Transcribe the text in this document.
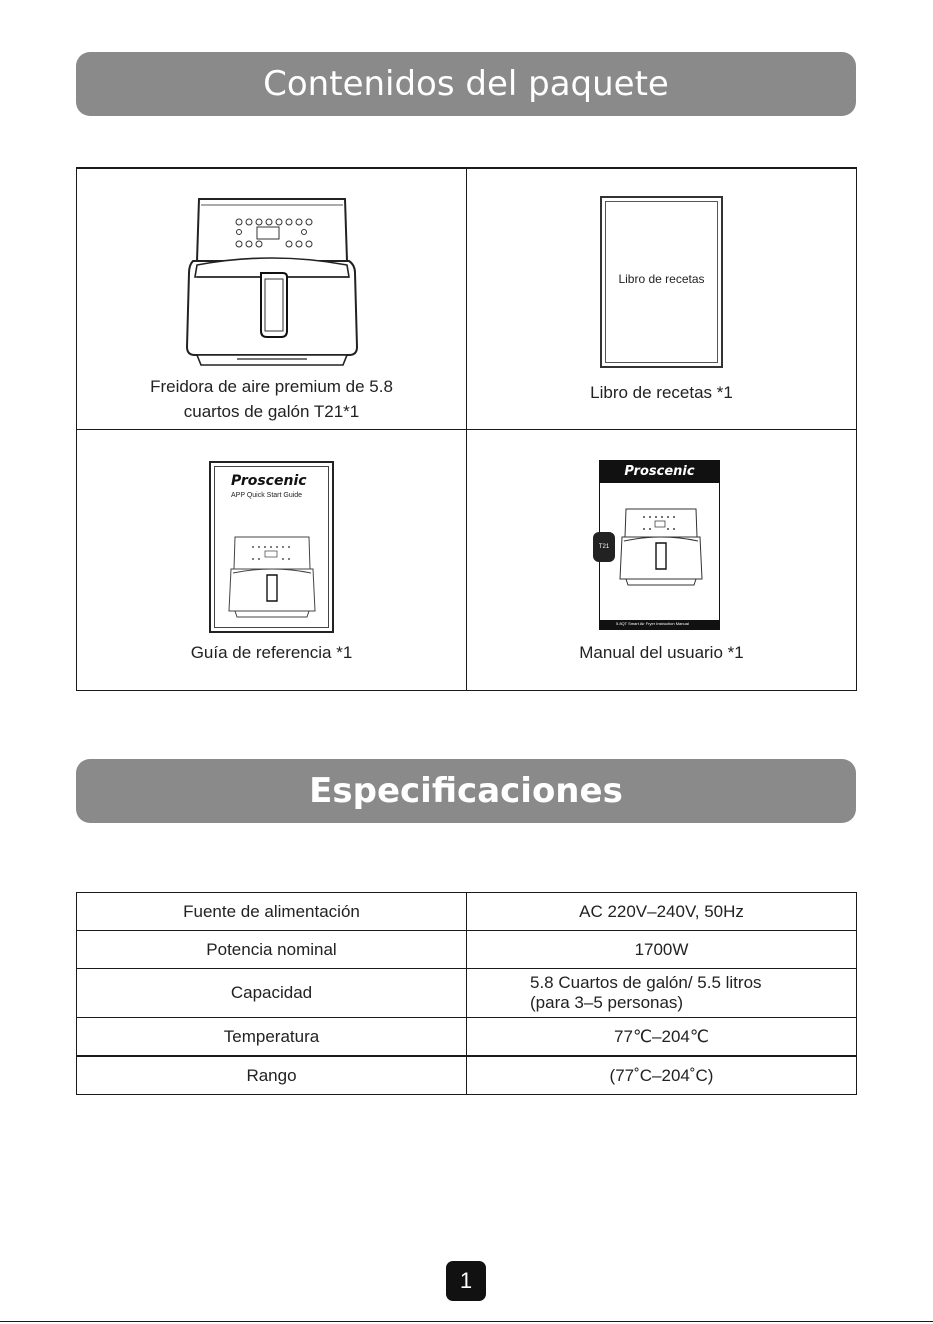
Contenidos del paquete
Freidora de aire premium de 5.8
cuartos de galón T21*1
Libro de recetas
Libro de recetas *1
Proscenic
APP Quick Start Guide
Guía de referencia *1
Proscenic
T21
5.8QT Smart Air Fryer Instruction Manual
Manual del usuario *1
Especificaciones
Fuente de alimentación	AC 220V–240V, 50Hz
Potencia nominal	1700W
Capacidad	5.8 Cuartos de galón/ 5.5 litros
(para 3–5 personas)

Temperatura	77℃–204℃
Rango	(77˚C–204˚C)
1
